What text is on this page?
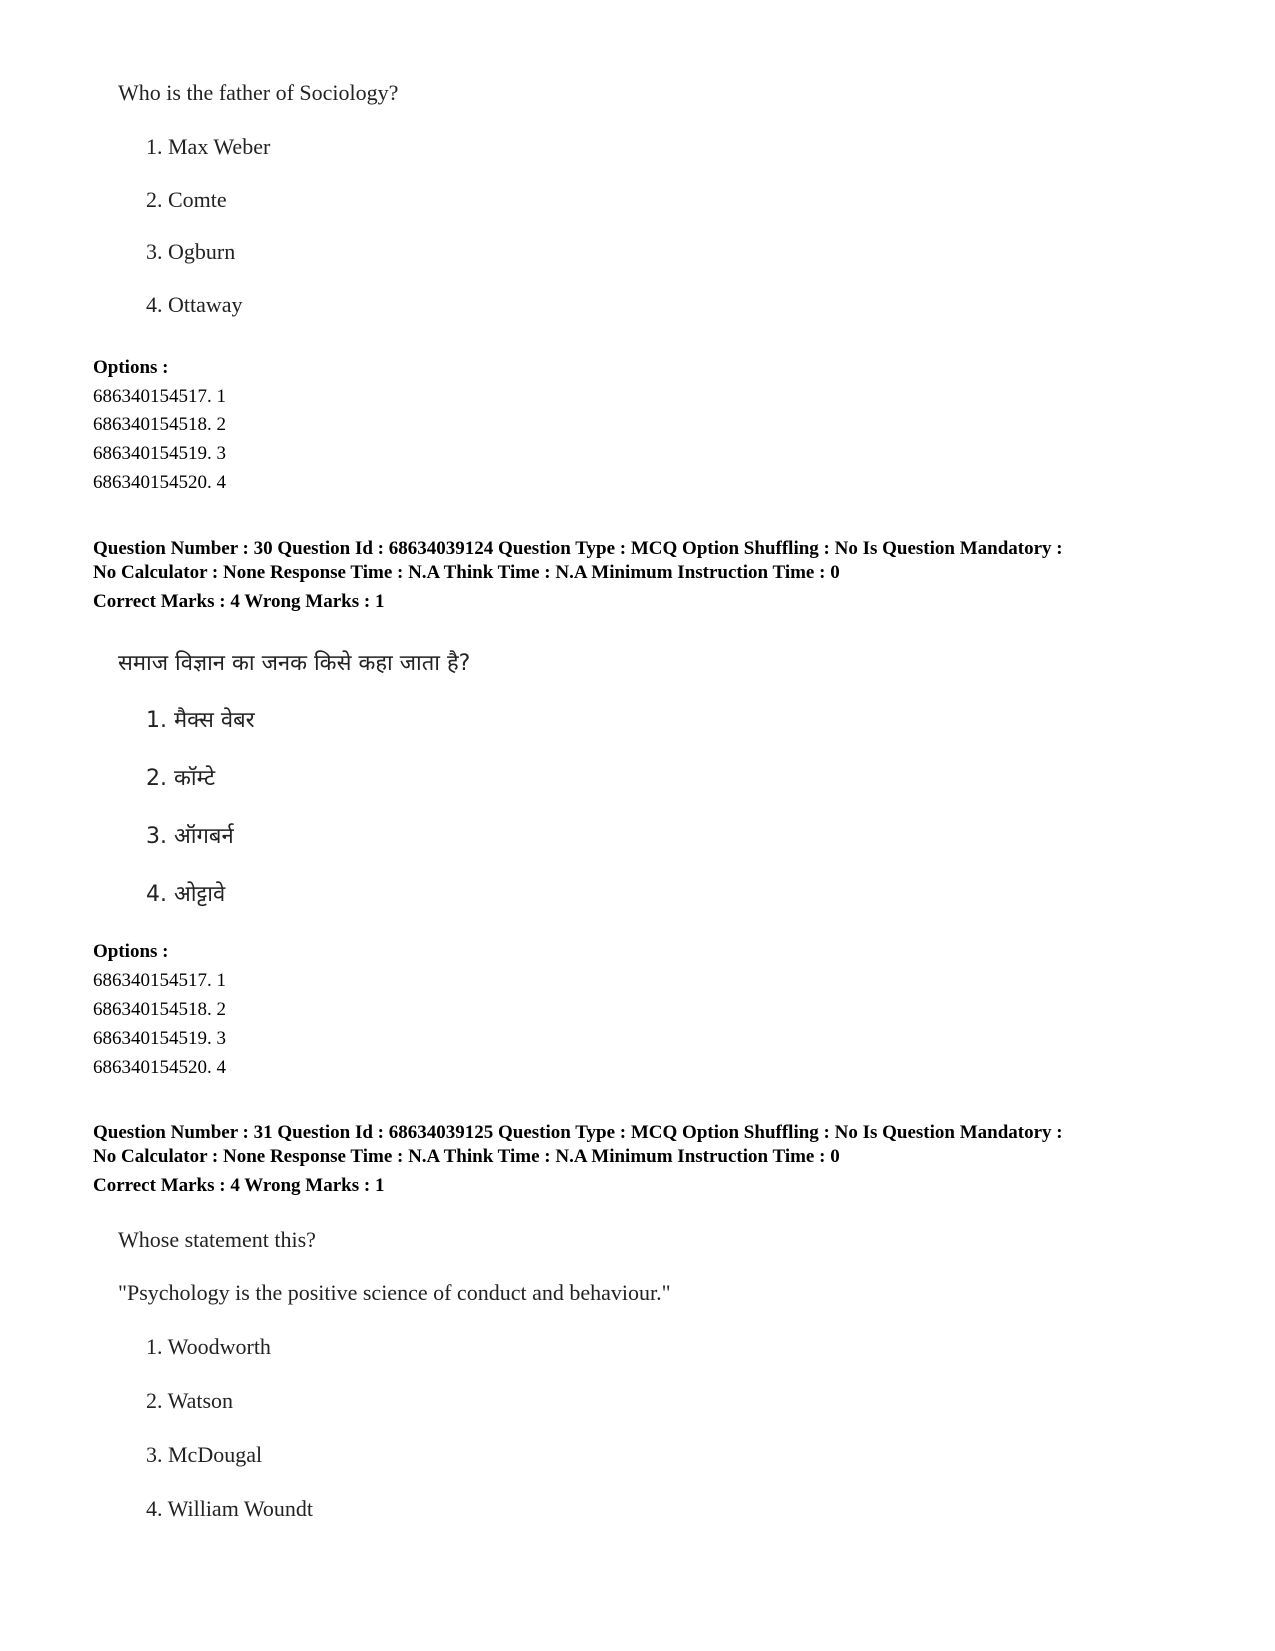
Who is the father of Sociology?
1. Max Weber
2. Comte
3. Ogburn
4. Ottaway
Options :
686340154517. 1
686340154518. 2
686340154519. 3
686340154520. 4
Question Number : 30 Question Id : 68634039124 Question Type : MCQ Option Shuffling : No Is Question Mandatory :
No Calculator : None Response Time : N.A Think Time : N.A Minimum Instruction Time : 0
Correct Marks : 4 Wrong Marks : 1
समाज विज्ञान का जनक किसे कहा जाता है?
1. मैक्स वेबर
2. कॉम्टे
3. ऑगबर्न
4. ओट्टावे
Options :
686340154517. 1
686340154518. 2
686340154519. 3
686340154520. 4
Question Number : 31 Question Id : 68634039125 Question Type : MCQ Option Shuffling : No Is Question Mandatory :
No Calculator : None Response Time : N.A Think Time : N.A Minimum Instruction Time : 0
Correct Marks : 4 Wrong Marks : 1
Whose statement this?
"Psychology is the positive science of conduct and behaviour."
1. Woodworth
2. Watson
3. McDougal
4. William Woundt
